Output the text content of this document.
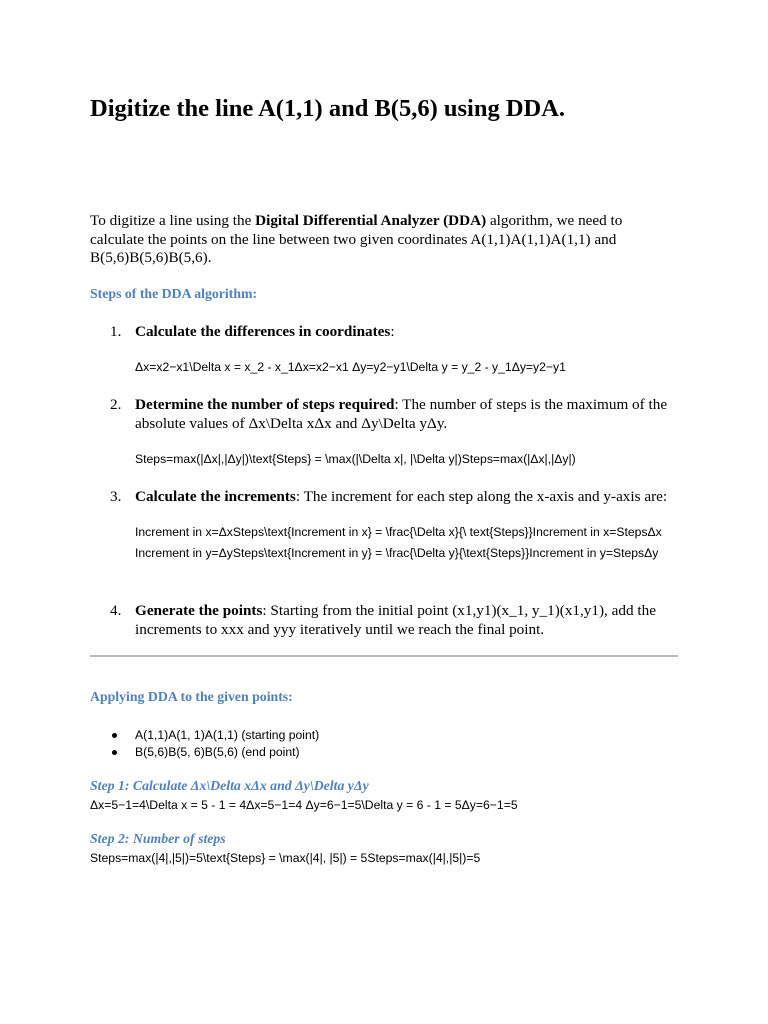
Digitize the line A(1,1) and B(5,6) using DDA.

To digitize a line using the Digital Differential Analyzer (DDA) algorithm, we need to calculate the points on the line between two given coordinates A(1,1)A(1,1)A(1,1) and B(5,6)B(5,6)B(5,6).

Steps of the DDA algorithm:

1. Calculate the differences in coordinates:
Δx=x2−x1\Delta x = x_2 - x_1Δx=x2−x1 Δy=y2−y1\Delta y = y_2 - y_1Δy=y2−y1
2. Determine the number of steps required: The number of steps is the maximum of the absolute values of Δx\Delta xΔx and Δy\Delta yΔy.
Steps=max(|Δx|,|Δy|)\text{Steps} = \max(|\Delta x|, |\Delta y|)Steps=max(|Δx|,|Δy|)
3. Calculate the increments: The increment for each step along the x-axis and y-axis are:
Increment in x=ΔxSteps\text{Increment in x} = \frac{\Delta x}{\ text{Steps}}Increment in x=StepsΔx Increment in y=ΔySteps\text{Increment in y} = \frac{\Delta y}{\text{Steps}}Increment in y=StepsΔy
4. Generate the points: Starting from the initial point (x1,y1)(x_1, y_1)(x1,y1), add the increments to xxx and yyy iteratively until we reach the final point.

Applying DDA to the given points:

A(1,1)A(1, 1)A(1,1) (starting point)
B(5,6)B(5, 6)B(5,6) (end point)

Step 1: Calculate Δx\Delta xΔx and Δy\Delta yΔy

Δx=5−1=4\Delta x = 5 - 1 = 4Δx=5−1=4 Δy=6−1=5\Delta y = 6 - 1 = 5Δy=6−1=5

Step 2: Number of steps

Steps=max(|4|,|5|)=5\text{Steps} = \max(|4|, |5|) = 5Steps=max(|4|,|5|)=5
